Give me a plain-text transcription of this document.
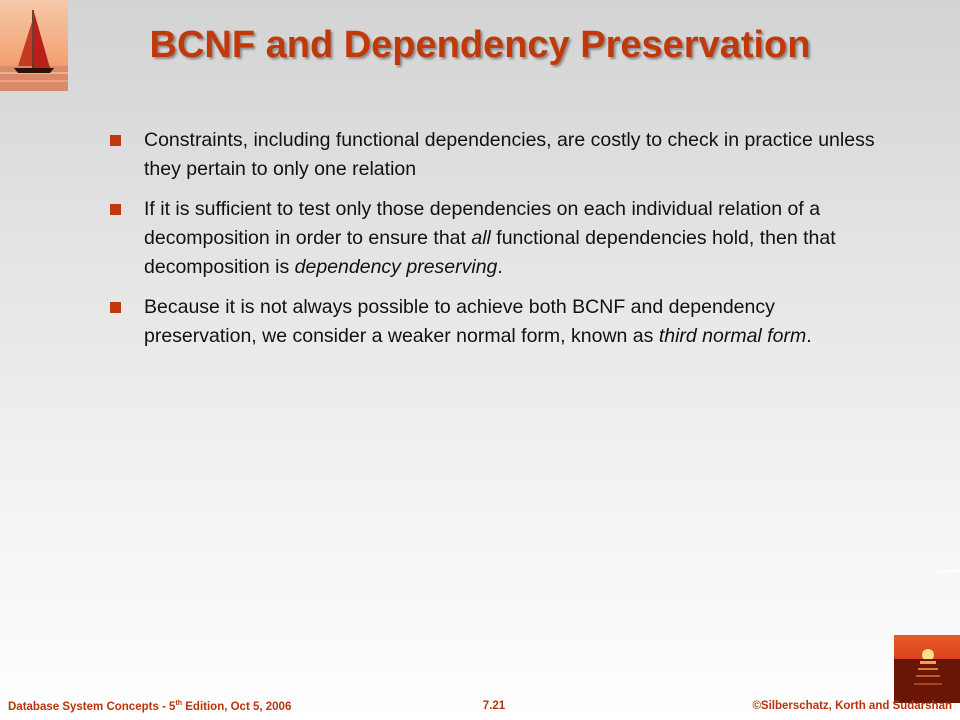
BCNF and Dependency Preservation
Constraints, including functional dependencies, are costly to check in practice unless they pertain to only one relation
If it is sufficient to test only those dependencies on each individual relation of a decomposition in order to ensure that all functional dependencies hold, then that decomposition is dependency preserving.
Because it is not always possible to achieve both BCNF and dependency preservation, we consider a weaker normal form, known as third normal form.
Database System Concepts - 5th Edition, Oct 5, 2006	7.21	©Silberschatz, Korth and Sudarshan
